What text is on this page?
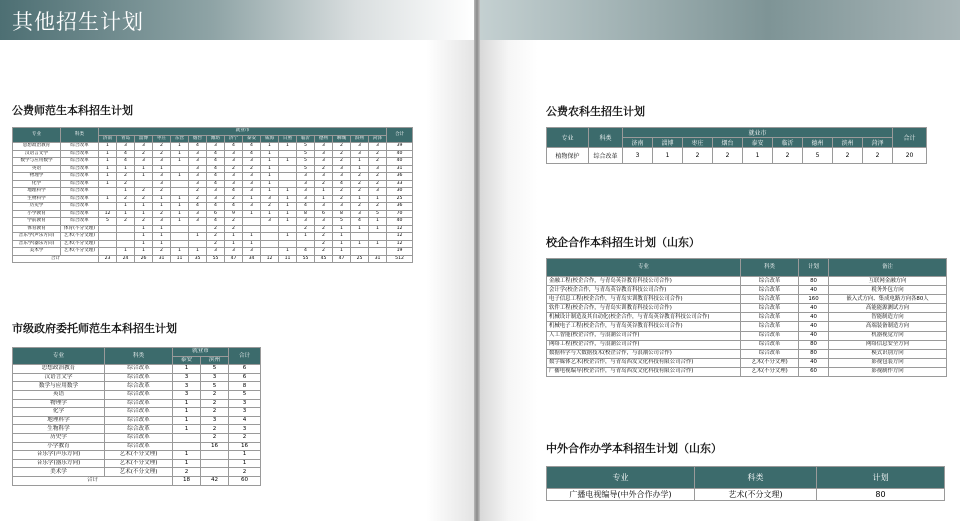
其他招生计划
公费师范生本科招生计划
专业	科类	就业市																合计
		济南	青岛	淄博	枣庄	东营	烟台	潍坊	济宁	泰安	威海	日照	临沂	德州	聊城	滨州	菏泽	
思想政治教育	综合改革	1	3	3	2	1	4	3	4	4	1	1	5	3	2	3	3	39
汉语言文学	综合改革	1	4	2	2	1	3	4	3	4	1		5	3	2	3	2	40
数学与应用数学	综合改革	1	4	3	3	1	3	4	3	3	1	1	5	3	2	1	2	40
英语	综合改革	1	1	1	1		3	4	2	2	1		5	2	3	1	3	31
物理学	综合改革	1	2	1	3	1	3	4	3	3	1		3	3	3	2	2	36
化学	综合改革	1	2		3		3	4	3	3	1		3	2	4	2	2	33
地理科学	综合改革		1	2	2		2	3	4	3	1	1	3	1	2	2	3	30
生物科学	综合改革	1	2	2	1	1	2	3	2	1	3	1	3	1	2	1	1	25
历史学	综合改革		1	1	1	1	4	4	4	3	2	1	4	3	3	2	2	36
小学教育	综合改革	12	1	1	2	1	3	6	9	1	1	1	8	6	8	3	5	70
学前教育	综合改革	5	2	2	3	1	3	4	2		3	1	3	3	5	4	1	40
体育教育	体育(不分文理)			1	1			2	2				2	2	1	1	1	12
音乐学(声乐方向)	艺术(不分文理)			1	1		1	2	1	1		1	1	2	1			12
音乐学(器乐方向)	艺术(不分文理)			1	1			2	1	1				2	1	1	1	12
美术学	艺术(不分文理)		1	1	2	1	1	3	3	3		1	4	2	1			19
合计		23	24	26	31	11	35	55	47	34	12	11	55	45	47	25	31	512
市级政府委托师范生本科招生计划
专业	科类	就业市		合计
		泰安	滨州	
思想政治教育	综合改革	1	5	6
汉语言文学	综合改革	3	3	6
数学与应用数学	综合改革	3	5	8
英语	综合改革	3	2	5
物理学	综合改革	1	2	3
化学	综合改革	1	2	3
地理科学	综合改革	1	3	4
生物科学	综合改革	1	2	3
历史学	综合改革		2	2
小学教育	综合改革		16	16
音乐学(声乐方向)	艺术(不分文理)	1		1
音乐学(器乐方向)	艺术(不分文理)	1		1
美术学	艺术(不分文理)	2		2
合计		18	42	60
公费农科生招生计划
专业	科类	就业市									合计
		济南	淄博	枣庄	烟台	泰安	临沂	德州	滨州	菏泽	
植物保护	综合改革	3	1	2	2	1	2	5	2	2	20
校企合作本科招生计划（山东）
专业	科类	计划	备注
金融工程(校企合作，与青岛英谷教育科技公司合作)	综合改革	80	互联网金融方向
会计学(校企合作，与青岛英谷教育科技公司合作)	综合改革	40	税务外包方向
电子信息工程(校企合作，与青岛实训教育科技公司合作)	综合改革	160	嵌入式方向、集成电路方向各80人
软件工程(校企合作，与青岛实训教育科技公司合作)	综合改革	40	高能能源测试方向
机械设计制造及其自动化(校企合作，与青岛英谷教育科技公司合作)	综合改革	40	智能制造方向
机械电子工程(校企合作，与青岛英谷教育科技公司合作)	综合改革	40	高端装备制造方向
人工智能(校企合作，与浪潮公司合作)	综合改革	40	机器视觉方向
网络工程(校企合作，与浪潮公司合作)	综合改革	80	网络信息安全方向
数据科学与大数据技术(校企合作，与浪潮公司合作)	综合改革	80	模式识别方向
数字媒体艺术(校企合作，与青岛西发文化科技有限公司合作)	艺术(不分文理)	40	影视包装方向
广播电视编导(校企合作，与青岛西发文化科技有限公司合作)	艺术(不分文理)	60	影视制作方向
中外合作办学本科招生计划（山东）
专业	科类	计划
广播电视编导(中外合作办学)	艺术(不分文理)	80
